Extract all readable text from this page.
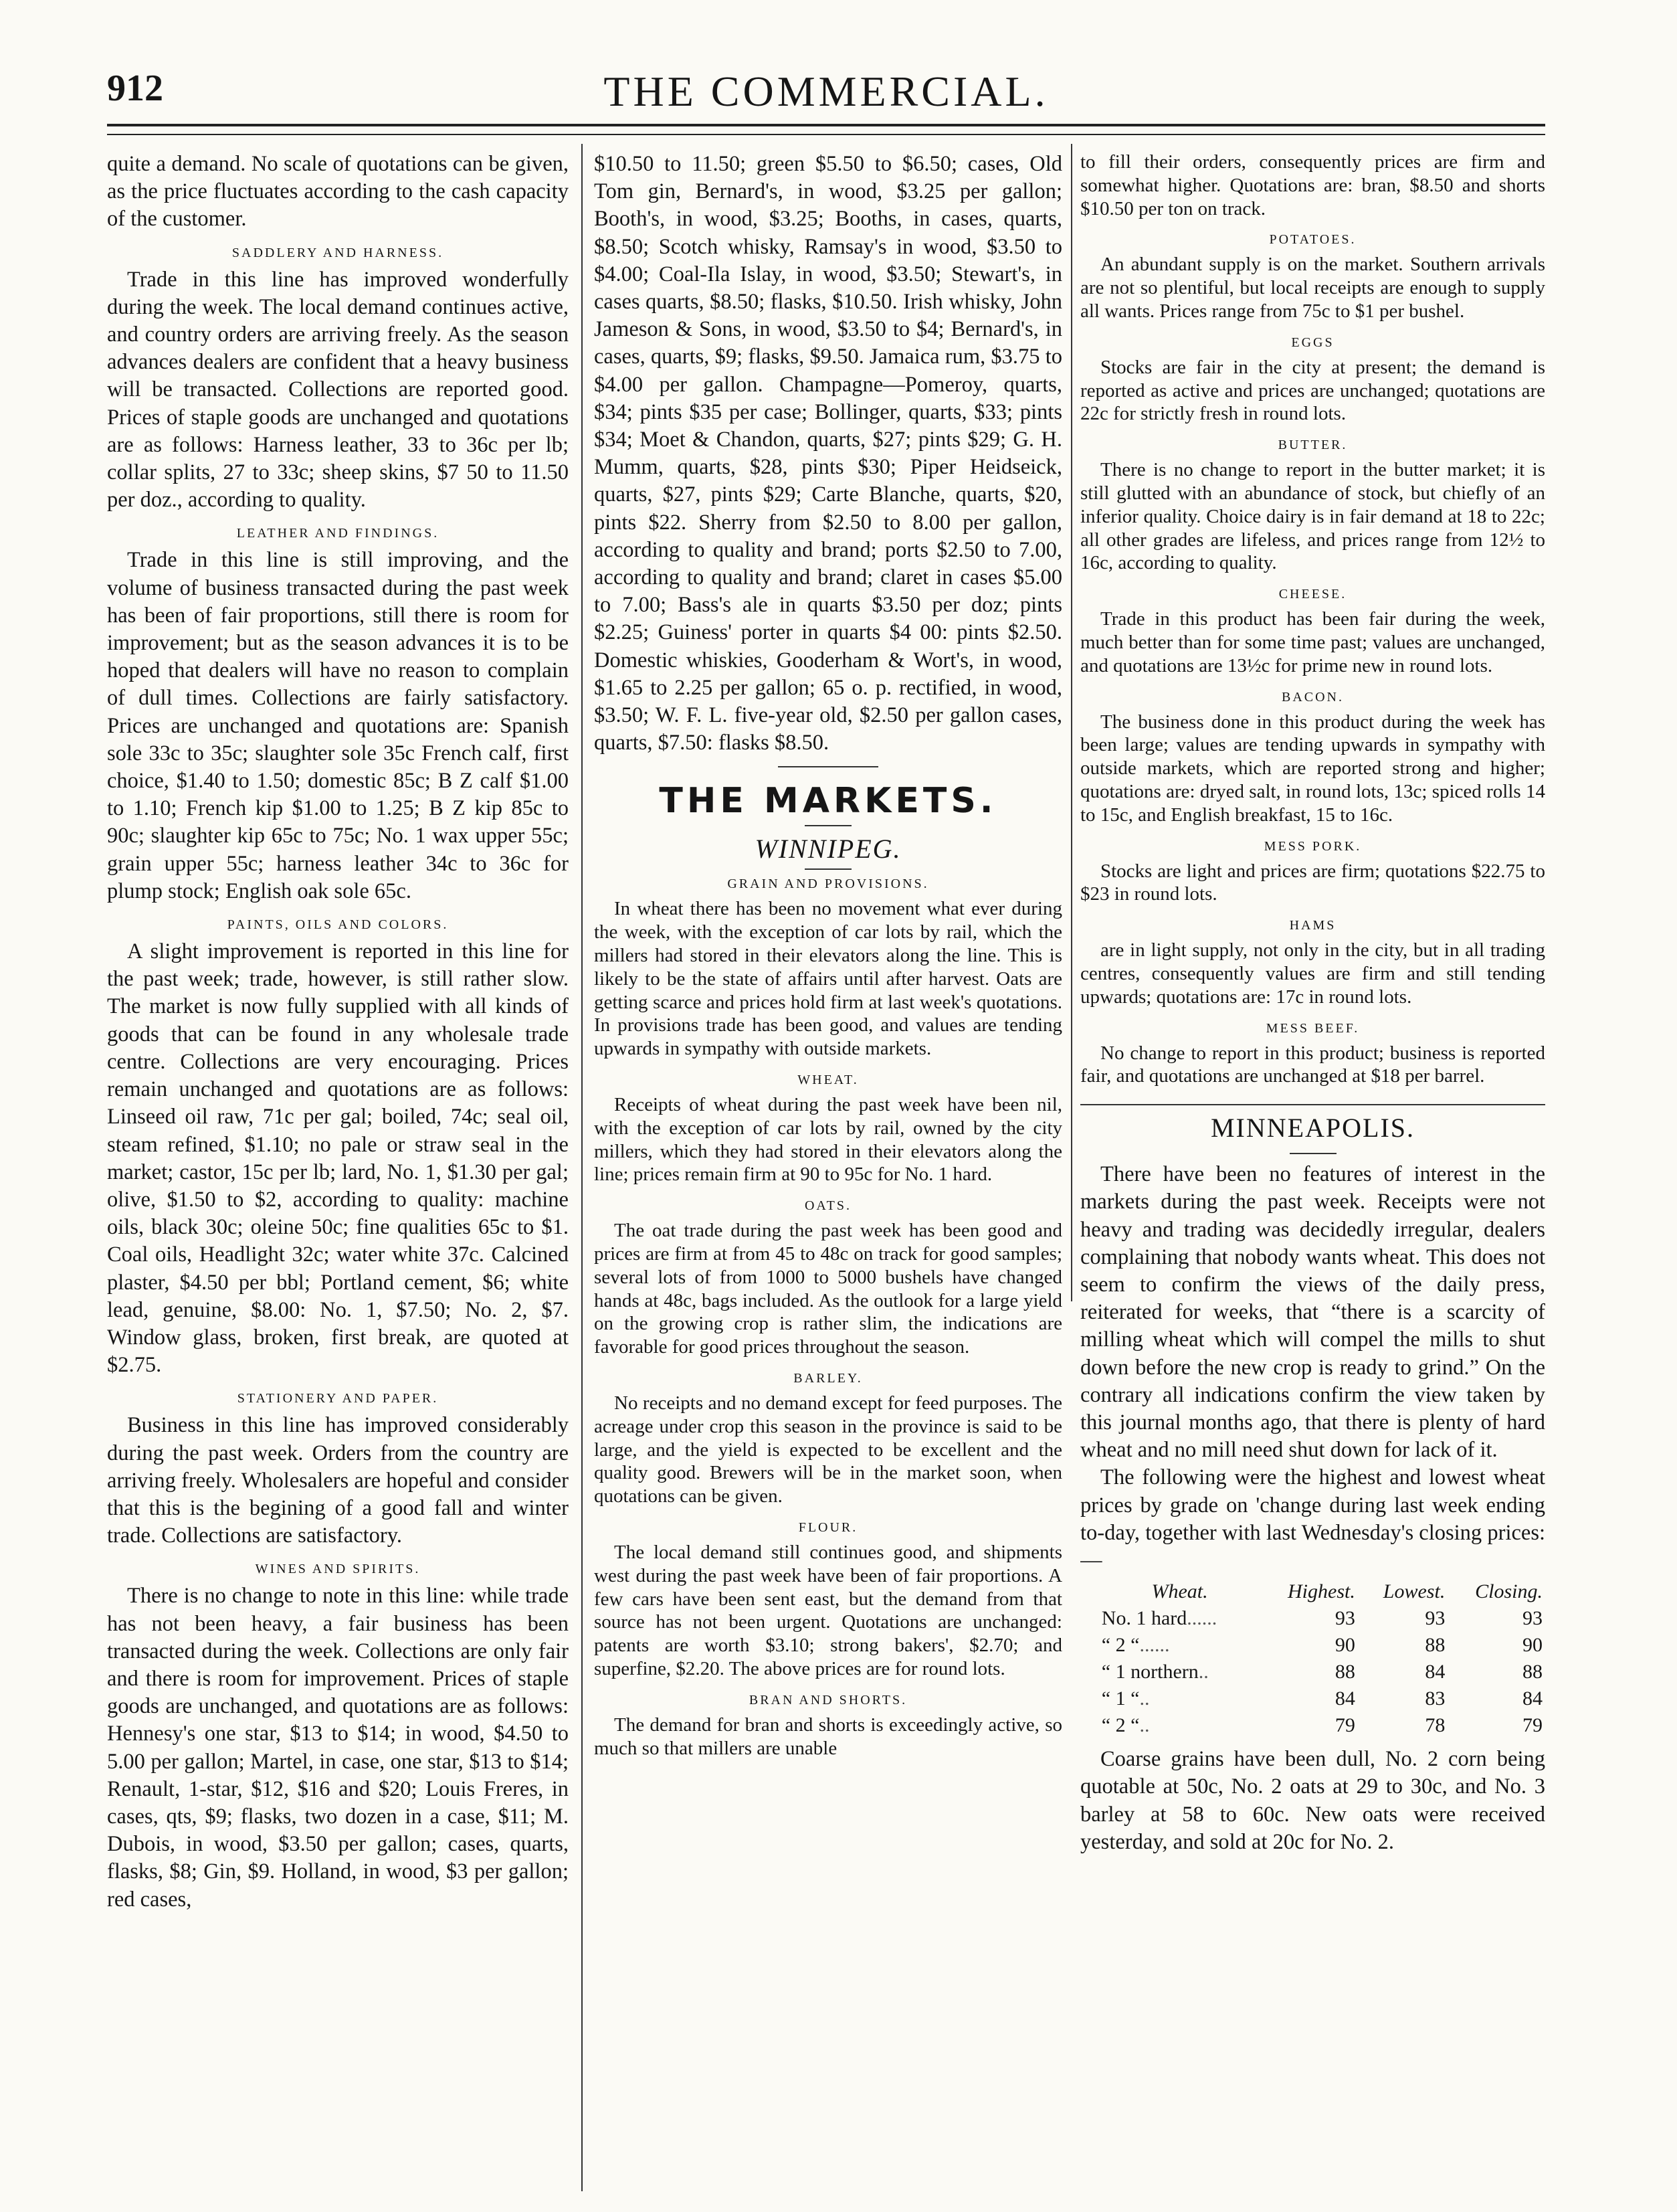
912	THE COMMERCIAL.

quite a demand. No scale of quotations can be given, as the price fluctuates according to the cash capacity of the customer.

SADDLERY AND HARNESS.

Trade in this line has improved wonderfully during the week. The local demand continues active, and country orders are arriving freely. As the season advances dealers are confident that a heavy business will be transacted. Collections are reported good. Prices of staple goods are unchanged and quotations are as follows: Harness leather, 33 to 36c per lb; collar splits, 27 to 33c; sheep skins, $7 50 to 11.50 per doz., according to quality.

LEATHER AND FINDINGS.

Trade in this line is still improving, and the volume of business transacted during the past week has been of fair proportions, still there is room for improvement; but as the season advances it is to be hoped that dealers will have no reason to complain of dull times. Collections are fairly satisfactory. Prices are unchanged and quotations are: Spanish sole 33c to 35c; slaughter sole 35c French calf, first choice, $1.40 to 1.50; domestic 85c; B Z calf $1.00 to 1.10; French kip $1.00 to 1.25; B Z kip 85c to 90c; slaughter kip 65c to 75c; No. 1 wax upper 55c; grain upper 55c; harness leather 34c to 36c for plump stock; English oak sole 65c.

PAINTS, OILS AND COLORS.

A slight improvement is reported in this line for the past week; trade, however, is still rather slow. The market is now fully supplied with all kinds of goods that can be found in any wholesale trade centre. Collections are very encouraging. Prices remain unchanged and quotations are as follows: Linseed oil raw, 71c per gal; boiled, 74c; seal oil, steam refined, $1.10; no pale or straw seal in the market; castor, 15c per lb; lard, No. 1, $1.30 per gal; olive, $1.50 to $2, according to quality: machine oils, black 30c; oleine 50c; fine qualities 65c to $1. Coal oils, Headlight 32c; water white 37c. Calcined plaster, $4.50 per bbl; Portland cement, $6; white lead, genuine, $8.00: No. 1, $7.50; No. 2, $7. Window glass, broken, first break, are quoted at $2.75.

STATIONERY AND PAPER.

Business in this line has improved considerably during the past week. Orders from the country are arriving freely. Wholesalers are hopeful and consider that this is the begining of a good fall and winter trade. Collections are satisfactory.

WINES AND SPIRITS.

There is no change to note in this line: while trade has not been heavy, a fair business has been transacted during the week. Collections are only fair and there is room for improvement. Prices of staple goods are unchanged, and quotations are as follows: Hennesy's one star, $13 to $14; in wood, $4.50 to 5.00 per gallon; Martel, in case, one star, $13 to $14; Renault, 1-star, $12, $16 and $20; Louis Freres, in cases, qts, $9; flasks, two dozen in a case, $11; M. Dubois, in wood, $3.50 per gallon; cases, quarts, flasks, $8; Gin, $9. Holland, in wood, $3 per gallon; red cases,

$10.50 to 11.50; green $5.50 to $6.50; cases, Old Tom gin, Bernard's, in wood, $3.25 per gallon; Booth's, in wood, $3.25; Booths, in cases, quarts, $8.50; Scotch whisky, Ramsay's in wood, $3.50 to $4.00; Coal-Ila Islay, in wood, $3.50; Stewart's, in cases quarts, $8.50; flasks, $10.50. Irish whisky, John Jameson & Sons, in wood, $3.50 to $4; Bernard's, in cases, quarts, $9; flasks, $9.50. Jamaica rum, $3.75 to $4.00 per gallon. Champagne—Pomeroy, quarts, $34; pints $35 per case; Bollinger, quarts, $33; pints $34; Moet & Chandon, quarts, $27; pints $29; G. H. Mumm, quarts, $28, pints $30; Piper Heidseick, quarts, $27, pints $29; Carte Blanche, quarts, $20, pints $22. Sherry from $2.50 to 8.00 per gallon, according to quality and brand; ports $2.50 to 7.00, according to quality and brand; claret in cases $5.00 to 7.00; Bass's ale in quarts $3.50 per doz; pints $2.25; Guiness' porter in quarts $4 00: pints $2.50. Domestic whiskies, Gooderham & Wort's, in wood, $1.65 to 2.25 per gallon; 65 o. p. rectified, in wood, $3.50; W. F. L. five-year old, $2.50 per gallon cases, quarts, $7.50: flasks $8.50.

THE MARKETS.
WINNIPEG.
GRAIN AND PROVISIONS.

In wheat there has been no movement what ever during the week, with the exception of car lots by rail, which the millers had stored in their elevators along the line. This is likely to be the state of affairs until after harvest. Oats are getting scarce and prices hold firm at last week's quotations. In provisions trade has been good, and values are tending upwards in sympathy with outside markets.

WHEAT.

Receipts of wheat during the past week have been nil, with the exception of car lots by rail, owned by the city millers, which they had stored in their elevators along the line; prices remain firm at 90 to 95c for No. 1 hard.

OATS.

The oat trade during the past week has been good and prices are firm at from 45 to 48c on track for good samples; several lots of from 1000 to 5000 bushels have changed hands at 48c, bags included. As the outlook for a large yield on the growing crop is rather slim, the indications are favorable for good prices throughout the season.

BARLEY.

No receipts and no demand except for feed purposes. The acreage under crop this season in the province is said to be large, and the yield is expected to be excellent and the quality good. Brewers will be in the market soon, when quotations can be given.

FLOUR.

The local demand still continues good, and shipments west during the past week have been of fair proportions. A few cars have been sent east, but the demand from that source has not been urgent. Quotations are unchanged: patents are worth $3.10; strong bakers', $2.70; and superfine, $2.20. The above prices are for round lots.

BRAN AND SHORTS.

The demand for bran and shorts is exceedingly active, so much so that millers are unable

to fill their orders, consequently prices are firm and somewhat higher. Quotations are: bran, $8.50 and shorts $10.50 per ton on track.

POTATOES.

An abundant supply is on the market. Southern arrivals are not so plentiful, but local receipts are enough to supply all wants. Prices range from 75c to $1 per bushel.

EGGS

Stocks are fair in the city at present; the demand is reported as active and prices are unchanged; quotations are 22c for strictly fresh in round lots.

BUTTER.

There is no change to report in the butter market; it is still glutted with an abundance of stock, but chiefly of an inferior quality. Choice dairy is in fair demand at 18 to 22c; all other grades are lifeless, and prices range from 12½ to 16c, according to quality.

CHEESE.

Trade in this product has been fair during the week, much better than for some time past; values are unchanged, and quotations are 13½c for prime new in round lots.

BACON.

The business done in this product during the week has been large; values are tending upwards in sympathy with outside markets, which are reported strong and higher; quotations are: dryed salt, in round lots, 13c; spiced rolls 14 to 15c, and English breakfast, 15 to 16c.

MESS PORK.

Stocks are light and prices are firm; quotations $22.75 to $23 in round lots.

HAMS

are in light supply, not only in the city, but in all trading centres, consequently values are firm and still tending upwards; quotations are: 17c in round lots.

MESS BEEF.

No change to report in this product; business is reported fair, and quotations are unchanged at $18 per barrel.

MINNEAPOLIS.

There have been no features of interest in the markets during the past week. Receipts were not heavy and trading was decidedly irregular, dealers complaining that nobody wants wheat. This does not seem to confirm the views of the daily press, reiterated for weeks, that “there is a scarcity of milling wheat which will compel the mills to shut down before the new crop is ready to grind.” On the contrary all indications confirm the view taken by this journal months ago, that there is plenty of hard wheat and no mill need shut down for lack of it.

The following were the highest and lowest wheat prices by grade on 'change during last week ending to-day, together with last Wednesday's closing prices:—

Wheat.	Highest.	Lowest.	Closing.
No. 1 hard......	93	93	93
“ 2 “......	90	88	90
“ 1 northern..	88	84	88
“ 1 “..	84	83	84
“ 2 “..	79	78	79

Coarse grains have been dull, No. 2 corn being quotable at 50c, No. 2 oats at 29 to 30c, and No. 3 barley at 58 to 60c. New oats were received yesterday, and sold at 20c for No. 2.
